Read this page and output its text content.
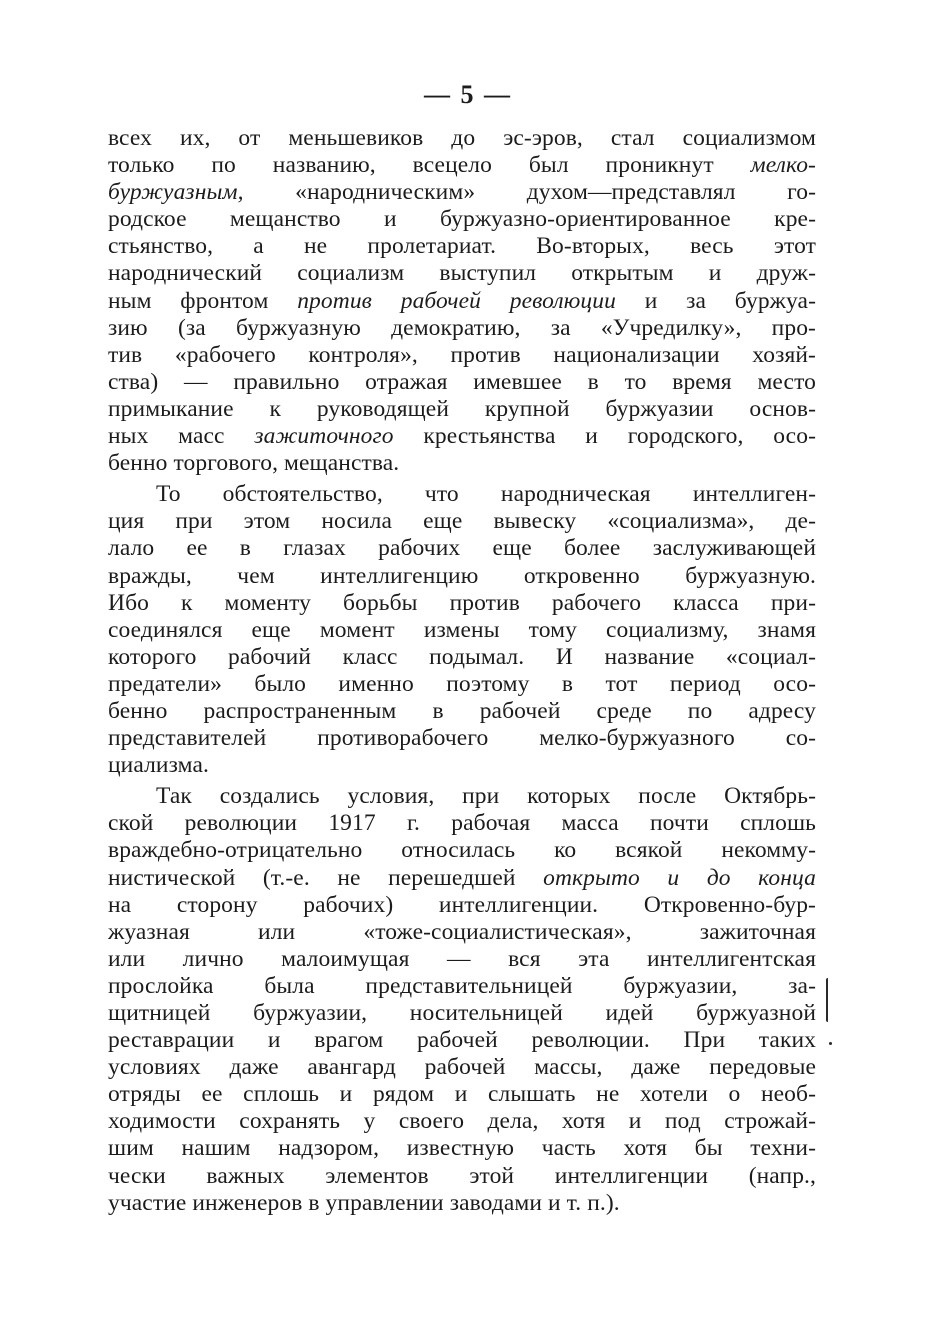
— 5 —
всех их, от меньшевиков до эс-эров, стал социализмом
только по названию, всецело был проникнут мелко-
буржуазным, «народническим» духом—представлял го-
родское мещанство и буржуазно-ориентированное кре-
стьянство, а не пролетариат. Во-вторых, весь этот
народнический социализм выступил открытым и друж-
ным фронтом против рабочей революции и за буржуа-
зию (за буржуазную демократию, за «Учредилку», про-
тив «рабочего контроля», против национализации хозяй-
ства) — правильно отражая имевшее в то время место
примыкание к руководящей крупной буржуазии основ-
ных масс зажиточного крестьянства и городского, осо-
бенно торгового, мещанства.
То обстоятельство, что народническая интеллиген-
ция при этом носила еще вывеску «социализма», де-
лало ее в глазах рабочих еще более заслуживающей
вражды, чем интеллигенцию откровенно буржуазную.
Ибо к моменту борьбы против рабочего класса при-
соединялся еще момент измены тому социализму, знамя
которого рабочий класс подымал. И название «социал-
предатели» было именно поэтому в тот период осо-
бенно распространенным в рабочей среде по адресу
представителей противорабочего мелко-буржуазного со-
циализма.
Так создались условия, при которых после Октябрь-
ской революции 1917 г. рабочая масса почти сплошь
враждебно-отрицательно относилась ко всякой некомму-
нистической (т.-е. не перешедшей открыто и до конца
на сторону рабочих) интеллигенции. Откровенно-бур-
жуазная или «тоже-социалистическая», зажиточная
или лично малоимущая — вся эта интеллигентская
прослойка была представительницей буржуазии, за-
щитницей буржуазии, носительницей идей буржуазной
реставрации и врагом рабочей революции. При таких
условиях даже авангард рабочей массы, даже передовые
отряды ее сплошь и рядом и слышать не хотели о необ-
ходимости сохранять у своего дела, хотя и под строжай-
шим нашим надзором, известную часть хотя бы техни-
чески важных элементов этой интеллигенции (напр.,
участие инженеров в управлении заводами и т. п.).
